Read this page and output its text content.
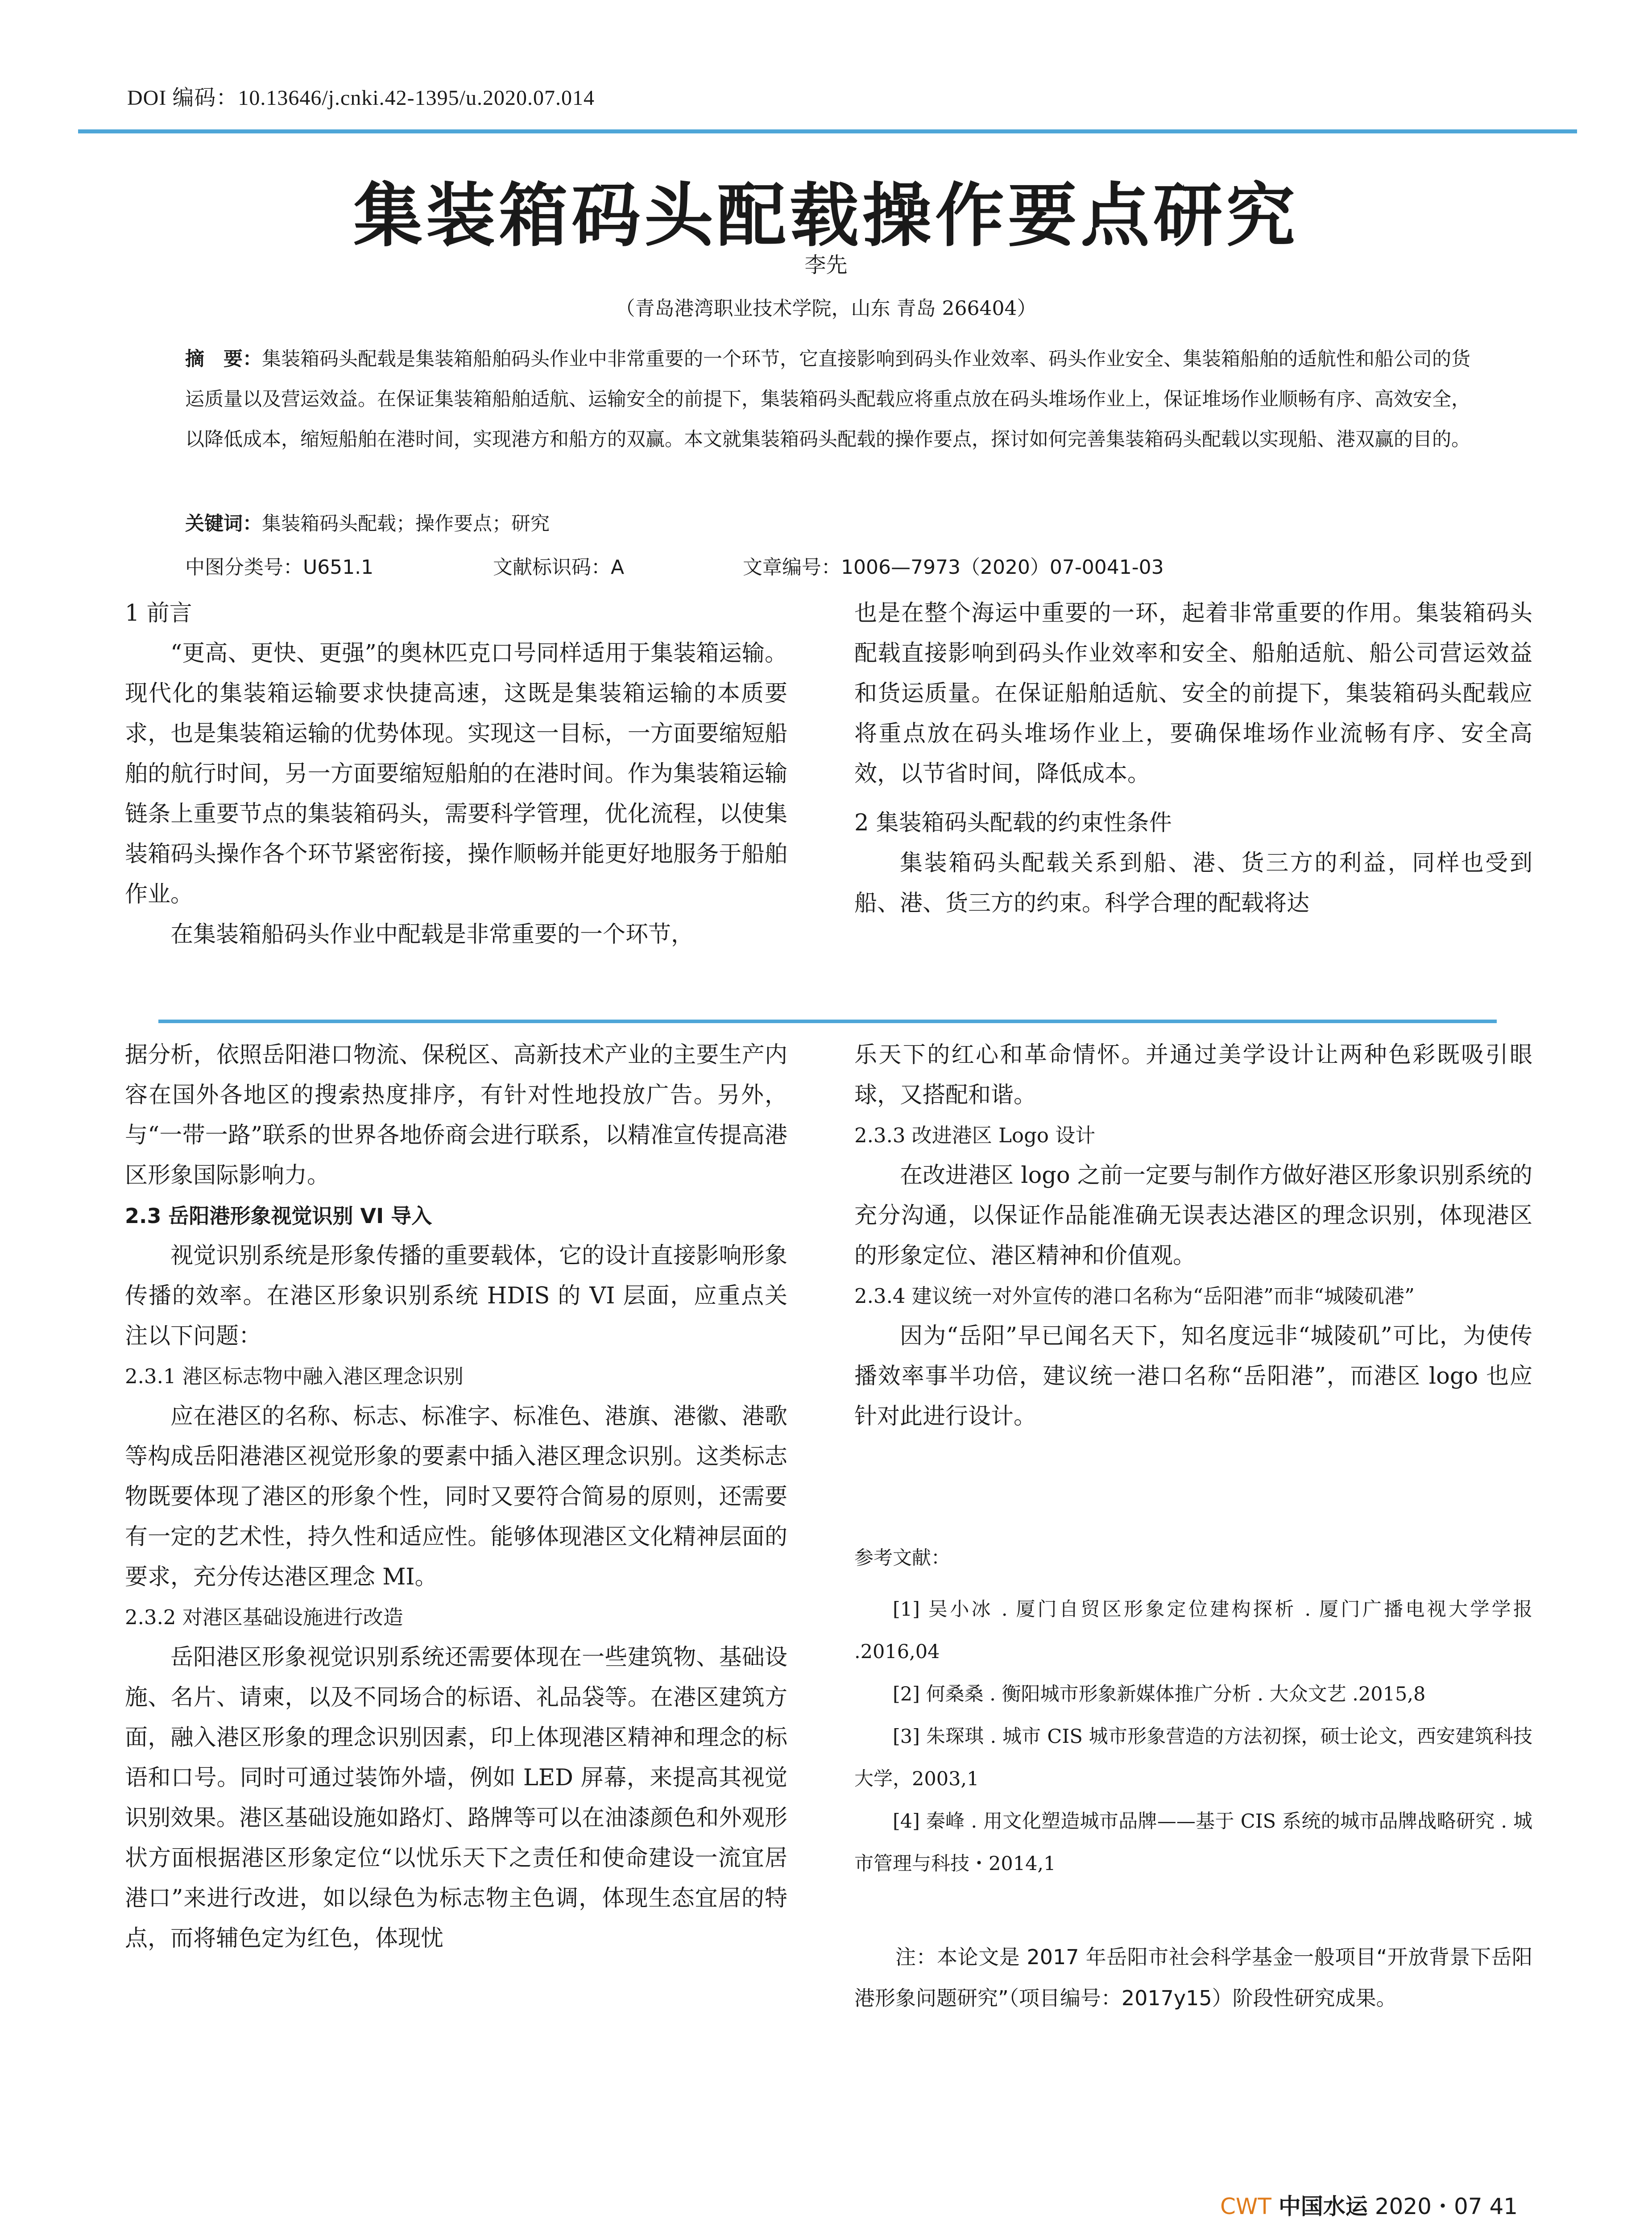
DOI 编码：10.13646/j.cnki.42-1395/u.2020.07.014
集装箱码头配载操作要点研究
李先
（青岛港湾职业技术学院，山东 青岛 266404）
摘　要：集装箱码头配载是集装箱船舶码头作业中非常重要的一个环节，它直接影响到码头作业效率、码头作业安全、集装箱船舶的适航性和船公司的货运质量以及营运效益。在保证集装箱船舶适航、运输安全的前提下，集装箱码头配载应将重点放在码头堆场作业上，保证堆场作业顺畅有序、高效安全，以降低成本，缩短船舶在港时间，实现港方和船方的双赢。本文就集装箱码头配载的操作要点，探讨如何完善集装箱码头配载以实现船、港双赢的目的。
关键词：集装箱码头配载；操作要点；研究
中图分类号：U651.1	文献标识码：A	文章编号：1006—7973（2020）07-0041-03
1 前言

“更高、更快、更强”的奥林匹克口号同样适用于集装箱运输。现代化的集装箱运输要求快捷高速，这既是集装箱运输的本质要求，也是集装箱运输的优势体现。实现这一目标，一方面要缩短船舶的航行时间，另一方面要缩短船舶的在港时间。作为集装箱运输链条上重要节点的集装箱码头，需要科学管理，优化流程，以使集装箱码头操作各个环节紧密衔接，操作顺畅并能更好地服务于船舶作业。

在集装箱船码头作业中配载是非常重要的一个环节，

也是在整个海运中重要的一环，起着非常重要的作用。集装箱码头配载直接影响到码头作业效率和安全、船舶适航、船公司营运效益和货运质量。在保证船舶适航、安全的前提下，集装箱码头配载应将重点放在码头堆场作业上，要确保堆场作业流畅有序、安全高效，以节省时间，降低成本。

2 集装箱码头配载的约束性条件

集装箱码头配载关系到船、港、货三方的利益，同样也受到船、港、货三方的约束。科学合理的配载将达

据分析，依照岳阳港口物流、保税区、高新技术产业的主要生产内容在国外各地区的搜索热度排序，有针对性地投放广告。另外，与“一带一路”联系的世界各地侨商会进行联系，以精准宣传提高港区形象国际影响力。

2.3 岳阳港形象视觉识别 VI 导入

视觉识别系统是形象传播的重要载体，它的设计直接影响形象传播的效率。在港区形象识别系统 HDIS 的 VI 层面，应重点关注以下问题：

2.3.1 港区标志物中融入港区理念识别

应在港区的名称、标志、标准字、标准色、港旗、港徽、港歌等构成岳阳港港区视觉形象的要素中插入港区理念识别。这类标志物既要体现了港区的形象个性，同时又要符合简易的原则，还需要有一定的艺术性，持久性和适应性。能够体现港区文化精神层面的要求，充分传达港区理念 MI。

2.3.2 对港区基础设施进行改造

岳阳港区形象视觉识别系统还需要体现在一些建筑物、基础设施、名片、请柬，以及不同场合的标语、礼品袋等。在港区建筑方面，融入港区形象的理念识别因素，印上体现港区精神和理念的标语和口号。同时可通过装饰外墙，例如 LED 屏幕，来提高其视觉识别效果。港区基础设施如路灯、路牌等可以在油漆颜色和外观形状方面根据港区形象定位“以忧乐天下之责任和使命建设一流宜居港口”来进行改进，如以绿色为标志物主色调，体现生态宜居的特点，而将辅色定为红色，体现忧

乐天下的红心和革命情怀。并通过美学设计让两种色彩既吸引眼球，又搭配和谐。

2.3.3 改进港区 Logo 设计

在改进港区 logo 之前一定要与制作方做好港区形象识别系统的充分沟通，以保证作品能准确无误表达港区的理念识别，体现港区的形象定位、港区精神和价值观。

2.3.4 建议统一对外宣传的港口名称为“岳阳港”而非“城陵矶港”

因为“岳阳”早已闻名天下，知名度远非“城陵矶”可比，为使传播效率事半功倍，建议统一港口名称“岳阳港”，而港区 logo 也应针对此进行设计。

参考文献：

[1] 吴小冰 . 厦门自贸区形象定位建构探析 . 厦门广播电视大学学报 .2016,04

[2] 何桑桑 . 衡阳城市形象新媒体推广分析 . 大众文艺 .2015,8

[3] 朱琛琪 . 城市 CIS 城市形象营造的方法初探，硕士论文，西安建筑科技大学，2003,1

[4] 秦峰 . 用文化塑造城市品牌——基于 CIS 系统的城市品牌战略研究 . 城市管理与科技・2014,1

注：本论文是 2017 年岳阳市社会科学基金一般项目“开放背景下岳阳港形象问题研究”（项目编号：2017y15）阶段性研究成果。
CWT 中国水运 2020・07 41
